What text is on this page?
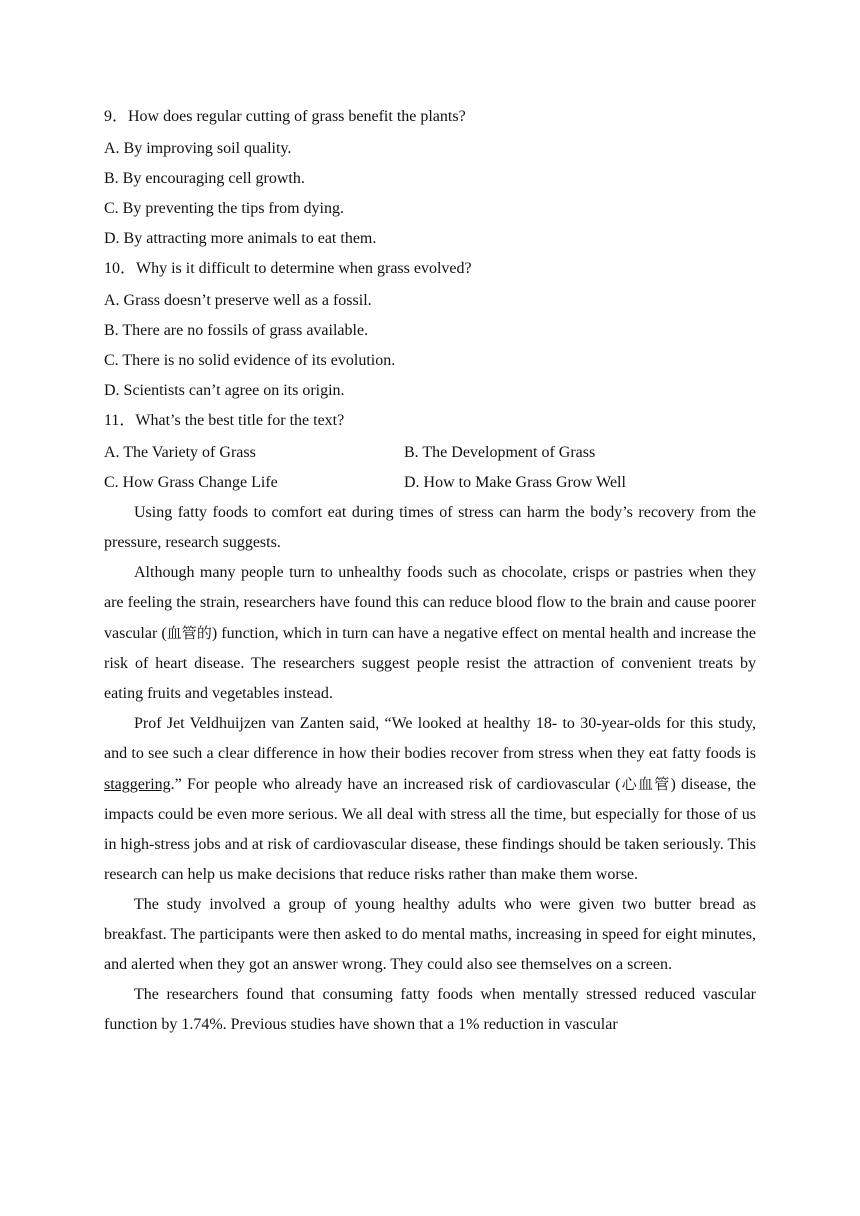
9．How does regular cutting of grass benefit the plants?
A. By improving soil quality.
B. By encouraging cell growth.
C. By preventing the tips from dying.
D. By attracting more animals to eat them.
10．Why is it difficult to determine when grass evolved?
A. Grass doesn’t preserve well as a fossil.
B. There are no fossils of grass available.
C. There is no solid evidence of its evolution.
D. Scientists can’t agree on its origin.
11．What’s the best title for the text?
A. The Variety of Grass	B. The Development of Grass
C. How Grass Change Life	D. How to Make Grass Grow Well

Using fatty foods to comfort eat during times of stress can harm the body’s recovery from the pressure, research suggests.

Although many people turn to unhealthy foods such as chocolate, crisps or pastries when they are feeling the strain, researchers have found this can reduce blood flow to the brain and cause poorer vascular (血管的) function, which in turn can have a negative effect on mental health and increase the risk of heart disease. The researchers suggest people resist the attraction of convenient treats by eating fruits and vegetables instead.

Prof Jet Veldhuijzen van Zanten said, “We looked at healthy 18- to 30-year-olds for this study, and to see such a clear difference in how their bodies recover from stress when they eat fatty foods is staggering.” For people who already have an increased risk of cardiovascular (心血管) disease, the impacts could be even more serious. We all deal with stress all the time, but especially for those of us in high-stress jobs and at risk of cardiovascular disease, these findings should be taken seriously. This research can help us make decisions that reduce risks rather than make them worse.

The study involved a group of young healthy adults who were given two butter bread as breakfast. The participants were then asked to do mental maths, increasing in speed for eight minutes, and alerted when they got an answer wrong. They could also see themselves on a screen.

The researchers found that consuming fatty foods when mentally stressed reduced vascular function by 1.74%. Previous studies have shown that a 1% reduction in vascular
